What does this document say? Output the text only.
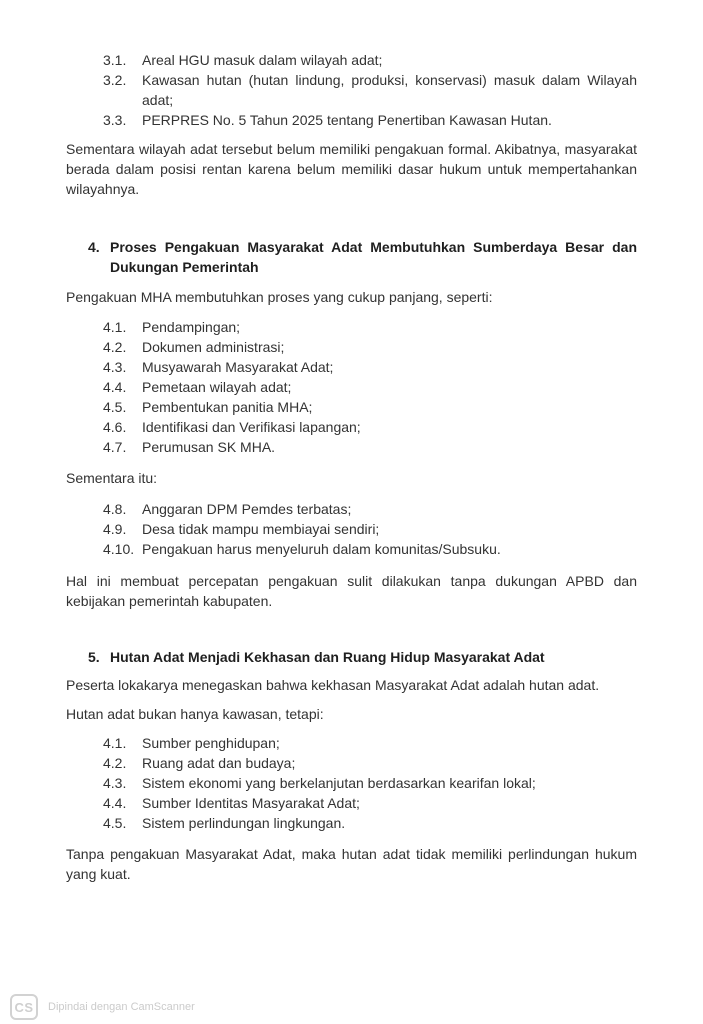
3.1.	Areal HGU masuk dalam wilayah adat;
3.2.	Kawasan hutan (hutan lindung, produksi, konservasi) masuk dalam Wilayah adat;
3.3.	PERPRES No. 5 Tahun 2025 tentang Penertiban Kawasan Hutan.

Sementara wilayah adat tersebut belum memiliki pengakuan formal. Akibatnya, masyarakat berada dalam posisi rentan karena belum memiliki dasar hukum untuk mempertahankan wilayahnya.

4. Proses Pengakuan Masyarakat Adat Membutuhkan Sumberdaya Besar dan Dukungan Pemerintah

Pengakuan MHA membutuhkan proses yang cukup panjang, seperti:

4.1.	Pendampingan;
4.2.	Dokumen administrasi;
4.3.	Musyawarah Masyarakat Adat;
4.4.	Pemetaan wilayah adat;
4.5.	Pembentukan panitia MHA;
4.6.	Identifikasi dan Verifikasi lapangan;
4.7.	Perumusan SK MHA.

Sementara itu:

4.8.	Anggaran DPM Pemdes terbatas;
4.9.	Desa tidak mampu membiayai sendiri;
4.10. Pengakuan harus menyeluruh dalam komunitas/Subsuku.

Hal ini membuat percepatan pengakuan sulit dilakukan tanpa dukungan APBD dan kebijakan pemerintah kabupaten.

5. Hutan Adat Menjadi Kekhasan dan Ruang Hidup Masyarakat Adat

Peserta lokakarya menegaskan bahwa kekhasan Masyarakat Adat adalah hutan adat.

Hutan adat bukan hanya kawasan, tetapi:

4.1.	Sumber penghidupan;
4.2.	Ruang adat dan budaya;
4.3.	Sistem ekonomi yang berkelanjutan berdasarkan kearifan lokal;
4.4.	Sumber Identitas Masyarakat Adat;
4.5.	Sistem perlindungan lingkungan.

Tanpa pengakuan Masyarakat Adat, maka hutan adat tidak memiliki perlindungan hukum yang kuat.

CS	Dipindai dengan CamScanner
